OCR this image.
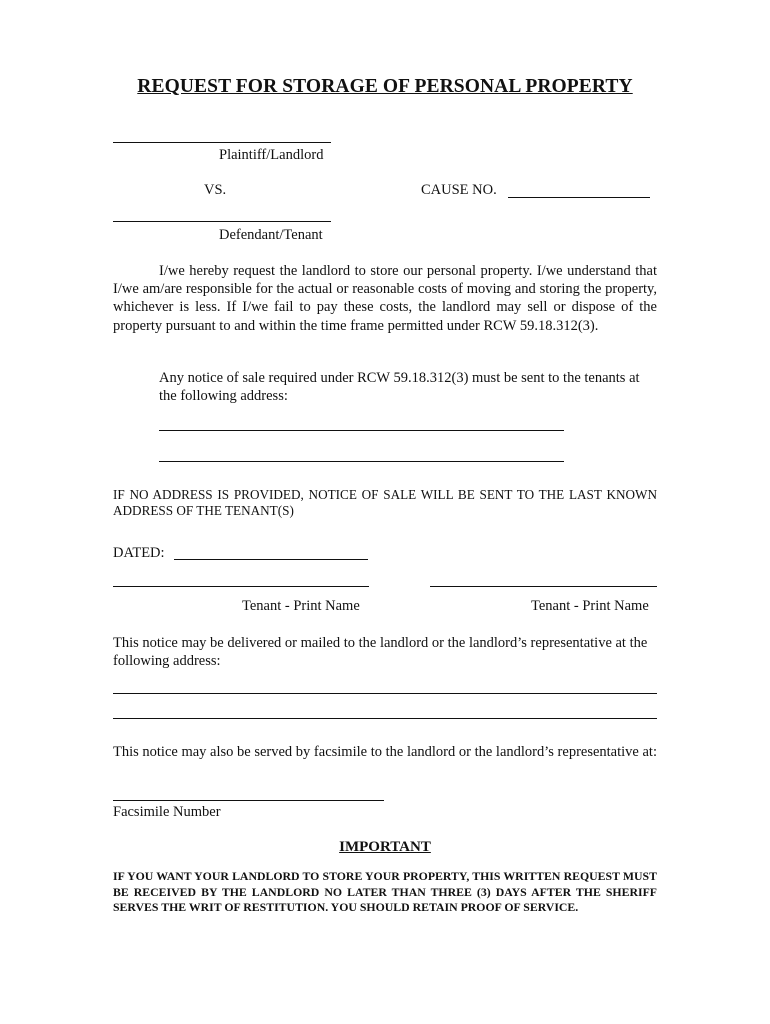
REQUEST FOR STORAGE OF PERSONAL PROPERTY
Plaintiff/Landlord
VS.	CAUSE NO.
Defendant/Tenant
I/we hereby request the landlord to store our personal property. I/we understand that I/we am/are responsible for the actual or reasonable costs of moving and storing the property, whichever is less. If I/we fail to pay these costs, the landlord may sell or dispose of the property pursuant to and within the time frame permitted under RCW 59.18.312(3).
Any notice of sale required under RCW 59.18.312(3) must be sent to the tenants at the following address:
IF NO ADDRESS IS PROVIDED, NOTICE OF SALE WILL BE SENT TO THE LAST KNOWN ADDRESS OF THE TENANT(S)
DATED:
Tenant - Print Name	Tenant - Print Name
This notice may be delivered or mailed to the landlord or the landlord’s representative at the following address:
This notice may also be served by facsimile to the landlord or the landlord’s representative at:
Facsimile Number
IMPORTANT
IF YOU WANT YOUR LANDLORD TO STORE YOUR PROPERTY, THIS WRITTEN REQUEST MUST BE RECEIVED BY THE LANDLORD NO LATER THAN THREE (3) DAYS AFTER THE SHERIFF SERVES THE WRIT OF RESTITUTION. YOU SHOULD RETAIN PROOF OF SERVICE.
